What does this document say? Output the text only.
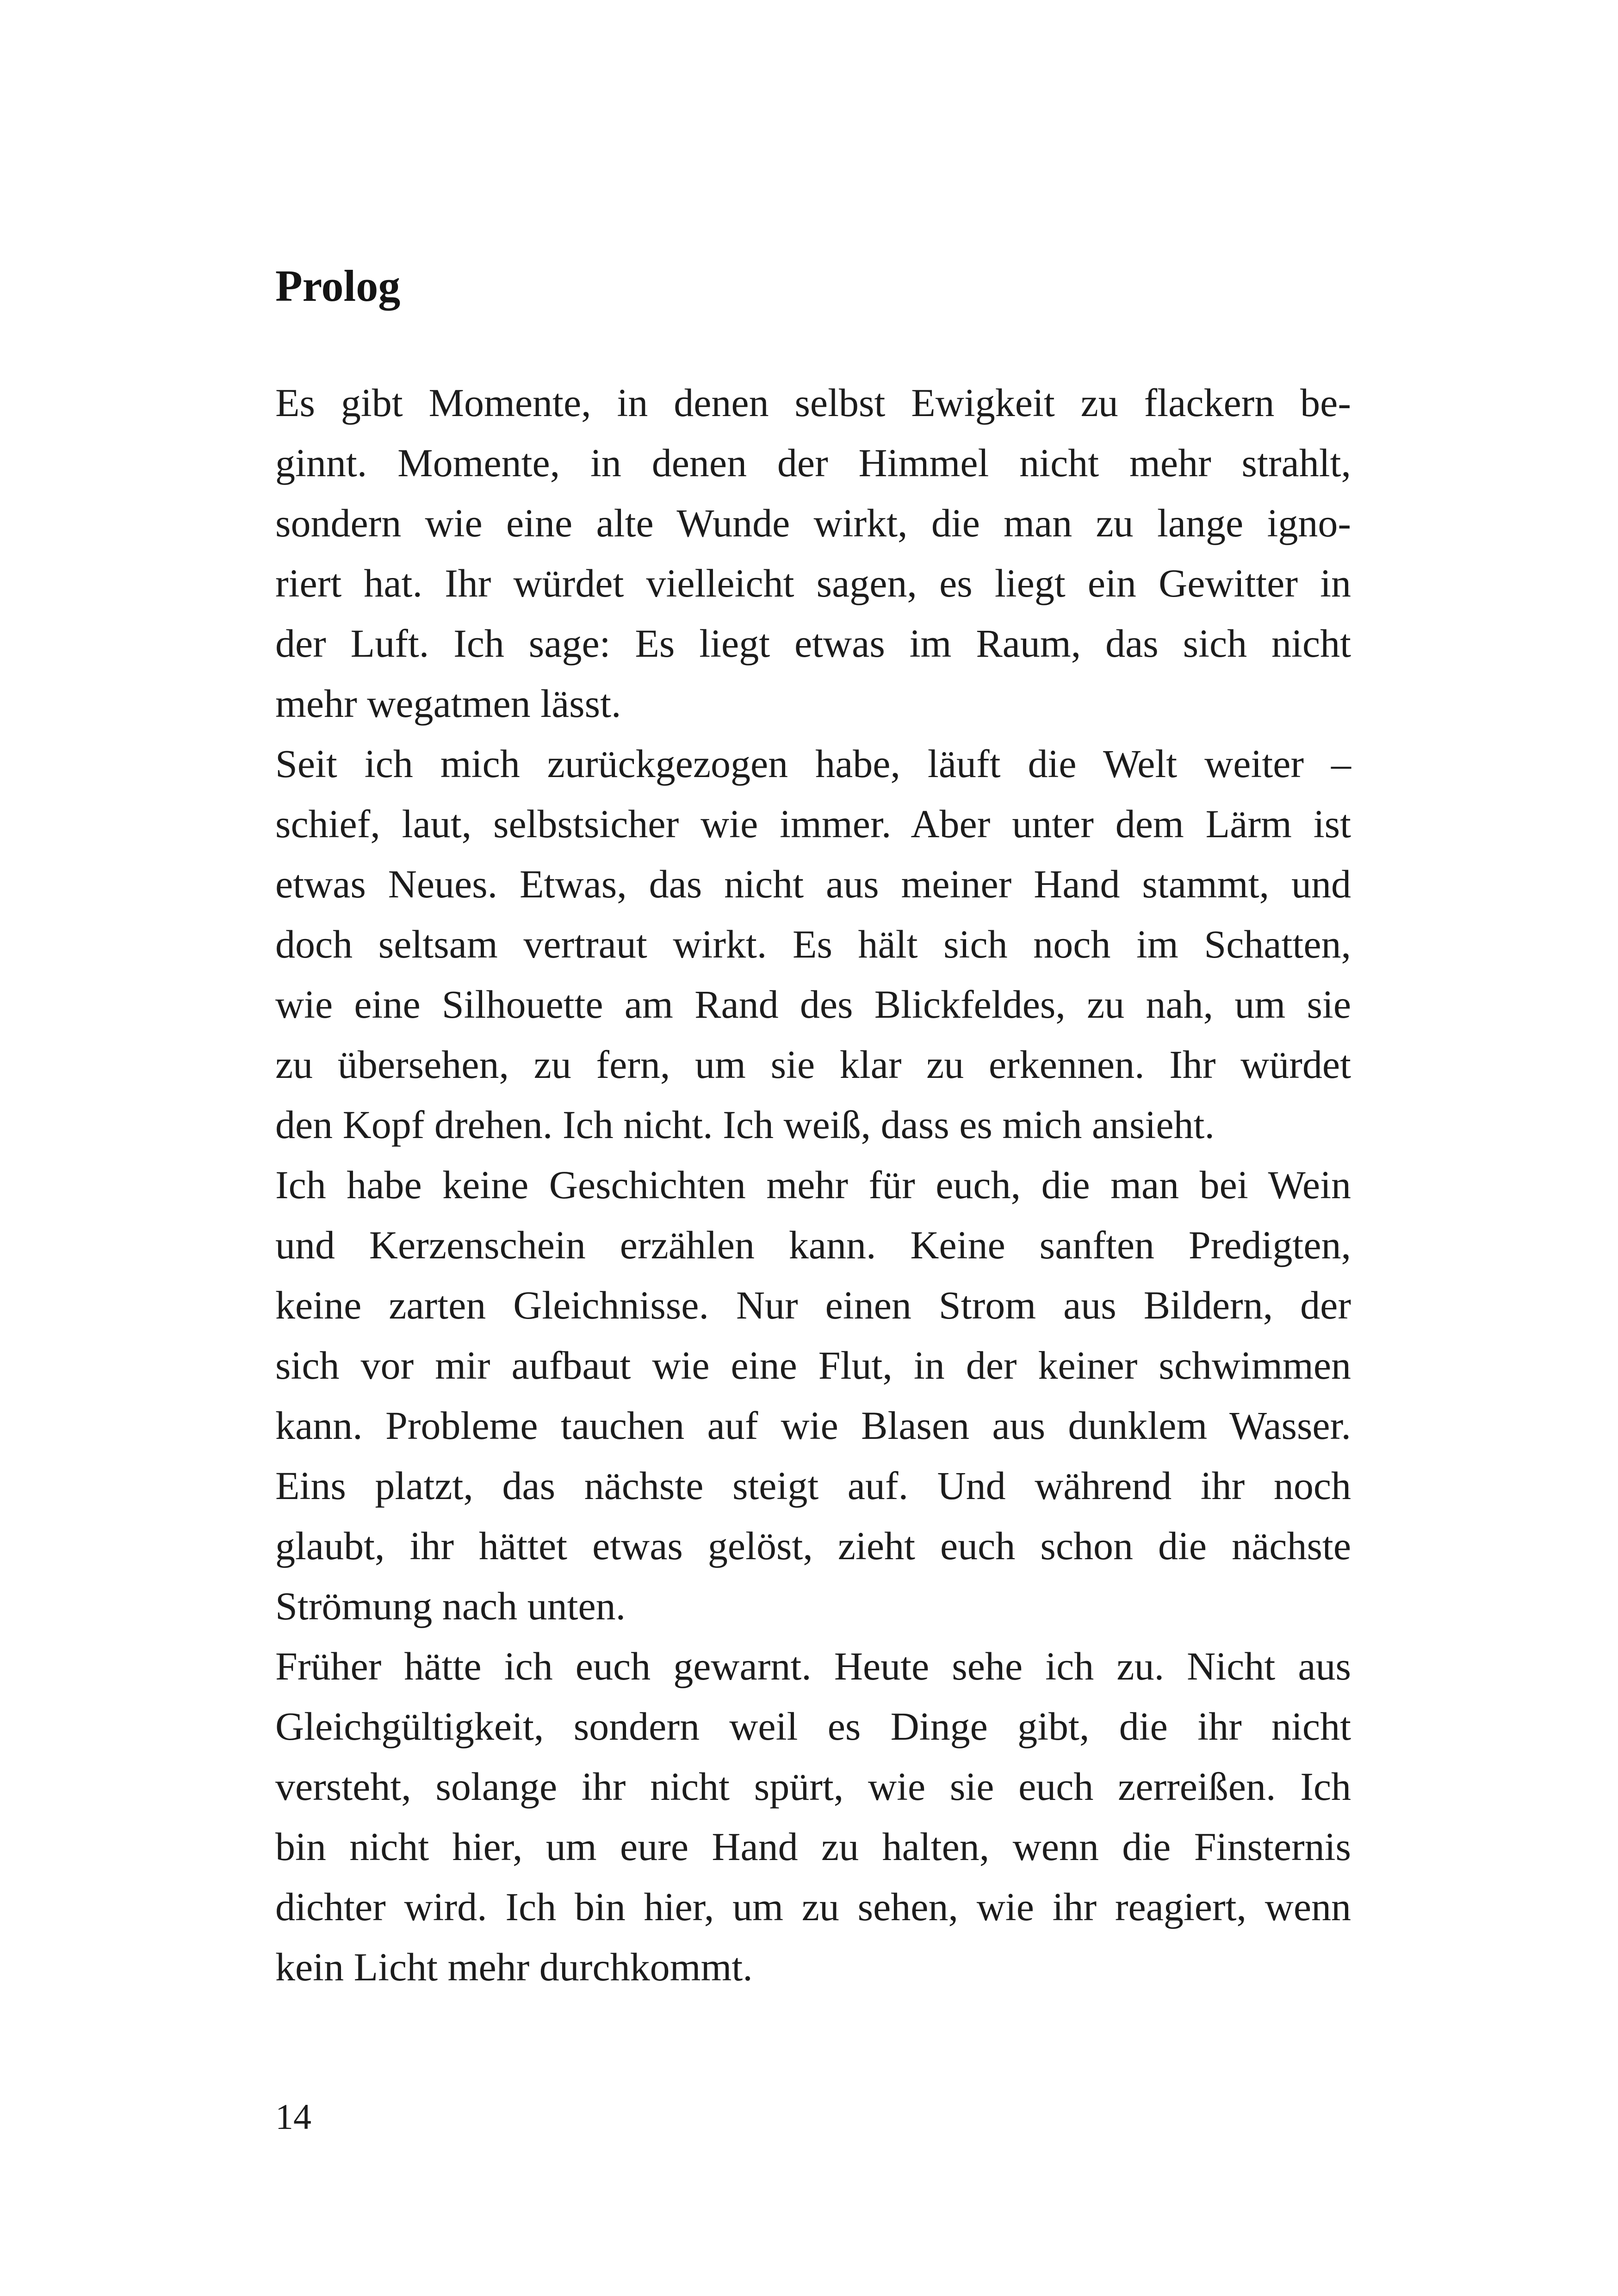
Prolog
Es gibt Momente, in denen selbst Ewigkeit zu flackern be-
ginnt. Momente, in denen der Himmel nicht mehr strahlt,
sondern wie eine alte Wunde wirkt, die man zu lange igno-
riert hat. Ihr würdet vielleicht sagen, es liegt ein Gewitter in
der Luft. Ich sage: Es liegt etwas im Raum, das sich nicht
mehr wegatmen lässt.
Seit ich mich zurückgezogen habe, läuft die Welt weiter –
schief, laut, selbstsicher wie immer. Aber unter dem Lärm ist
etwas Neues. Etwas, das nicht aus meiner Hand stammt, und
doch seltsam vertraut wirkt. Es hält sich noch im Schatten,
wie eine Silhouette am Rand des Blickfeldes, zu nah, um sie
zu übersehen, zu fern, um sie klar zu erkennen. Ihr würdet
den Kopf drehen. Ich nicht. Ich weiß, dass es mich ansieht.
Ich habe keine Geschichten mehr für euch, die man bei Wein
und Kerzenschein erzählen kann. Keine sanften Predigten,
keine zarten Gleichnisse. Nur einen Strom aus Bildern, der
sich vor mir aufbaut wie eine Flut, in der keiner schwimmen
kann. Probleme tauchen auf wie Blasen aus dunklem Wasser.
Eins platzt, das nächste steigt auf. Und während ihr noch
glaubt, ihr hättet etwas gelöst, zieht euch schon die nächste
Strömung nach unten.
Früher hätte ich euch gewarnt. Heute sehe ich zu. Nicht aus
Gleichgültigkeit, sondern weil es Dinge gibt, die ihr nicht
versteht, solange ihr nicht spürt, wie sie euch zerreißen. Ich
bin nicht hier, um eure Hand zu halten, wenn die Finsternis
dichter wird. Ich bin hier, um zu sehen, wie ihr reagiert, wenn
kein Licht mehr durchkommt.
14
